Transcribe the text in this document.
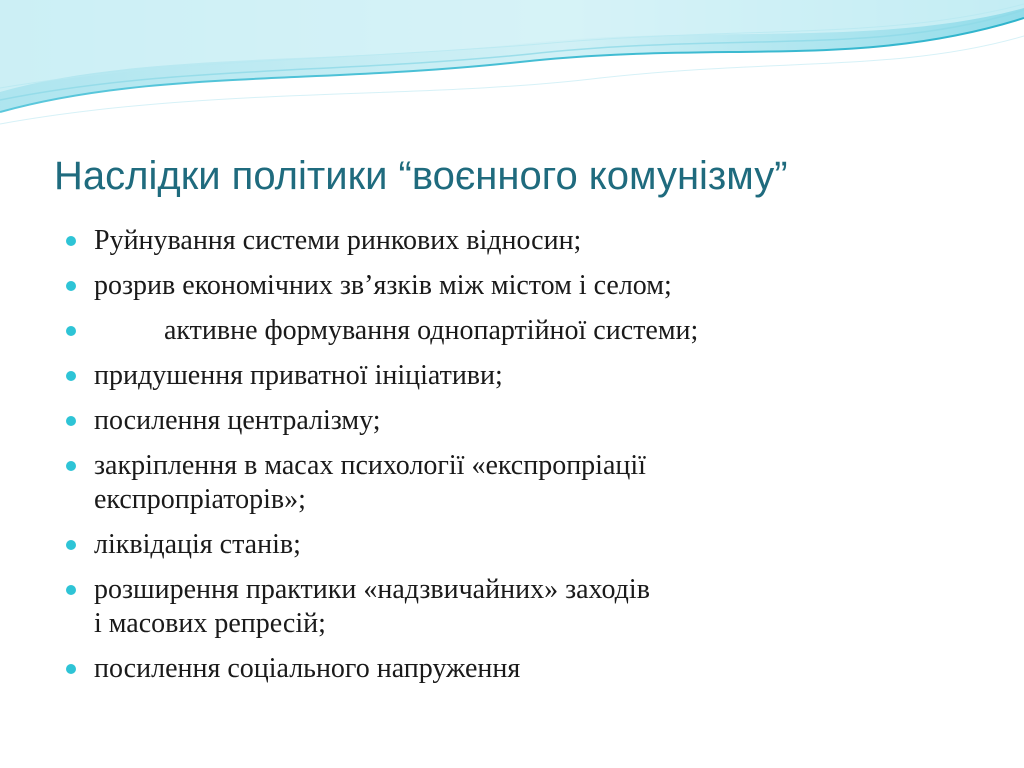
Наслідки політики “воєнного комунізму”
Руйнування системи ринкових відносин;
розрив економічних зв’язків між містом і селом;
активне формування однопартійної системи;
придушення приватної ініціативи;
посилення централізму;
закріплення в масах психології «експропріації
експропріаторів»;
ліквідація станів;
розширення практики «надзвичайних» заходів
і масових репресій;
посилення соціального напруження
